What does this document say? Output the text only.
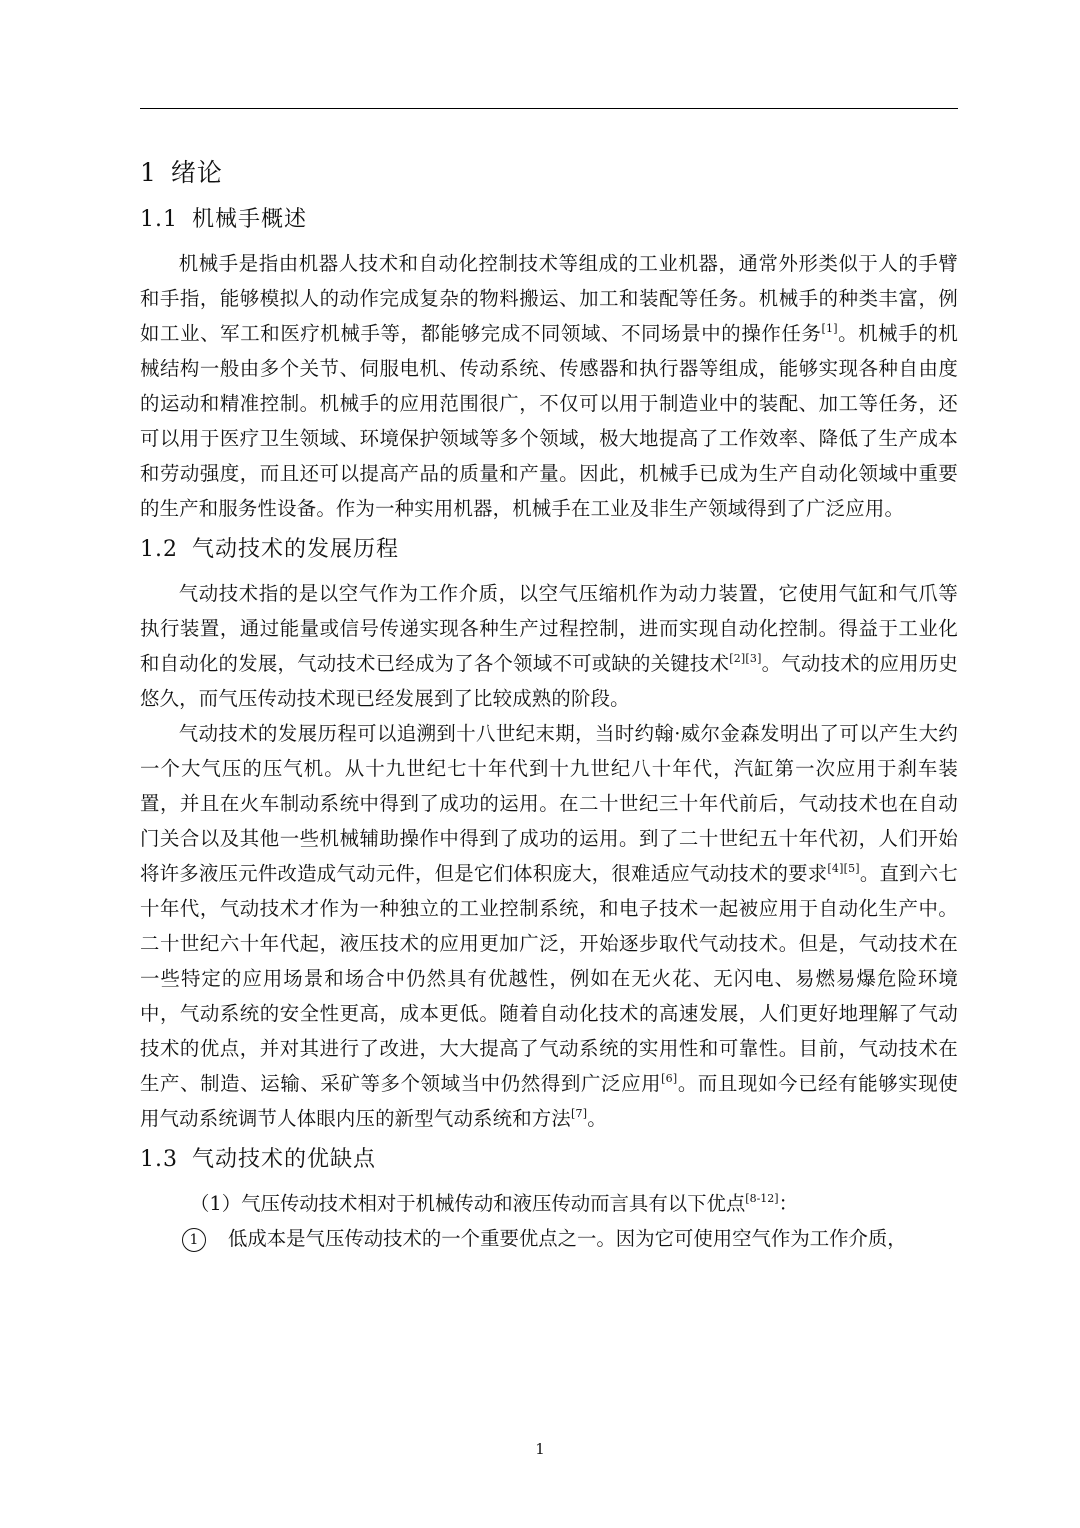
1 绪论
1.1 机械手概述

机械手是指由机器人技术和自动化控制技术等组成的工业机器，通常外形类似于人的手臂和手指，能够模拟人的动作完成复杂的物料搬运、加工和装配等任务。机械手的种类丰富，例如工业、军工和医疗机械手等，都能够完成不同领域、不同场景中的操作任务[1]。机械手的机械结构一般由多个关节、伺服电机、传动系统、传感器和执行器等组成，能够实现各种自由度的运动和精准控制。机械手的应用范围很广，不仅可以用于制造业中的装配、加工等任务，还可以用于医疗卫生领域、环境保护领域等多个领域，极大地提高了工作效率、降低了生产成本和劳动强度，而且还可以提高产品的质量和产量。因此，机械手已成为生产自动化领域中重要的生产和服务性设备。作为一种实用机器，机械手在工业及非生产领域得到了广泛应用。

1.2 气动技术的发展历程

气动技术指的是以空气作为工作介质，以空气压缩机作为动力装置，它使用气缸和气爪等执行装置，通过能量或信号传递实现各种生产过程控制，进而实现自动化控制。得益于工业化和自动化的发展，气动技术已经成为了各个领域不可或缺的关键技术[2][3]。气动技术的应用历史悠久，而气压传动技术现已经发展到了比较成熟的阶段。

气动技术的发展历程可以追溯到十八世纪末期，当时约翰·威尔金森发明出了可以产生大约一个大气压的压气机。从十九世纪七十年代到十九世纪八十年代，汽缸第一次应用于刹车装置，并且在火车制动系统中得到了成功的运用。在二十世纪三十年代前后，气动技术也在自动门关合以及其他一些机械辅助操作中得到了成功的运用。到了二十世纪五十年代初，人们开始将许多液压元件改造成气动元件，但是它们体积庞大，很难适应气动技术的要求[4][5]。直到六七十年代，气动技术才作为一种独立的工业控制系统，和电子技术一起被应用于自动化生产中。二十世纪六十年代起，液压技术的应用更加广泛，开始逐步取代气动技术。但是，气动技术在一些特定的应用场景和场合中仍然具有优越性，例如在无火花、无闪电、易燃易爆危险环境中，气动系统的安全性更高，成本更低。随着自动化技术的高速发展，人们更好地理解了气动技术的优点，并对其进行了改进，大大提高了气动系统的实用性和可靠性。目前，气动技术在生产、制造、运输、采矿等多个领域当中仍然得到广泛应用[6]。而且现如今已经有能够实现使用气动系统调节人体眼内压的新型气动系统和方法[7]。

1.3 气动技术的优缺点

（1）气压传动技术相对于机械传动和液压传动而言具有以下优点[8-12]：

1 低成本是气压传动技术的一个重要优点之一。因为它可使用空气作为工作介质，

1
